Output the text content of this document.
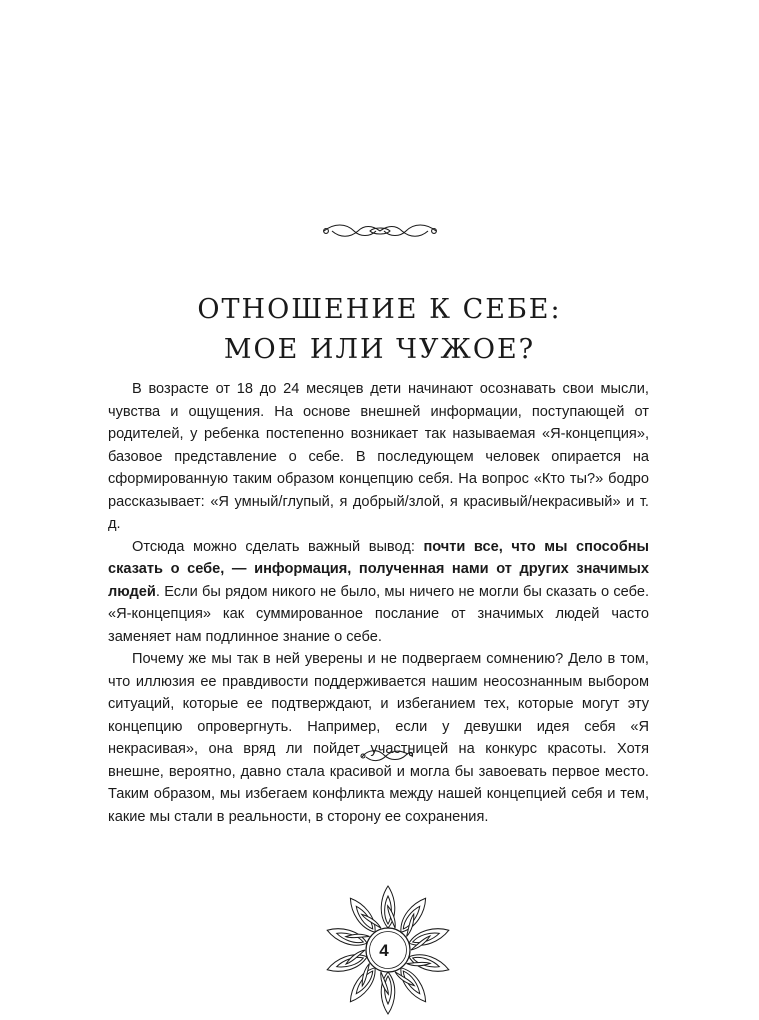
ОТНОШЕНИЕ К СЕБЕ:
МОЕ ИЛИ ЧУЖОЕ?

В возрасте от 18 до 24 месяцев дети начинают осознавать свои мысли, чувства и ощущения. На основе внешней информации, поступающей от родителей, у ребенка постепенно возникает так называемая «Я-концепция», базовое представление о себе. В последующем человек опирается на сформированную таким образом концепцию себя. На вопрос «Кто ты?» бодро рассказывает: «Я умный/глупый, я добрый/злой, я красивый/некрасивый» и т. д.

Отсюда можно сделать важный вывод: почти все, что мы способны сказать о себе, — информация, полученная нами от других значимых людей. Если бы рядом никого не было, мы ничего не могли бы сказать о себе. «Я-концепция» как суммированное послание от значимых людей часто заменяет нам подлинное знание о себе.

Почему же мы так в ней уверены и не подвергаем сомнению? Дело в том, что иллюзия ее правдивости поддерживается нашим неосознанным выбором ситуаций, которые ее подтверждают, и избeганием тех, которые могут эту концепцию опровергнуть. Например, если у девушки идея себя «Я некрасивая», она вряд ли пойдет участницей на конкурс красоты. Хотя внешне, вероятно, давно стала красивой и могла бы завоевать первое место. Таким образом, мы избегаем конфликта между нашей концепцией себя и тем, какие мы стали в реальности, в сторону ее сохранения.

4
